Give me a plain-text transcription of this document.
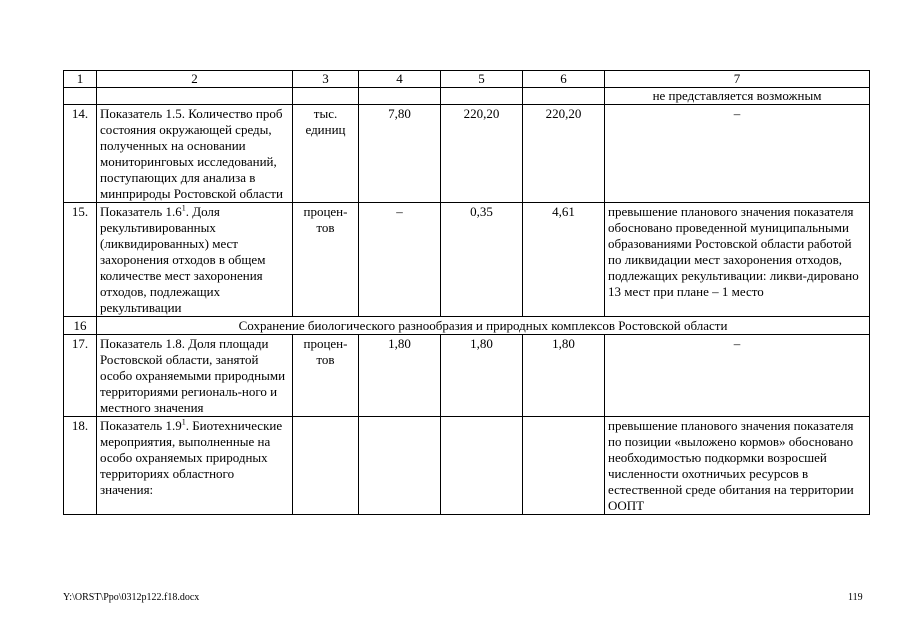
1	2	3	4	5	6	7
						не представляется возможным
14.	Показатель 1.5. Количество проб состояния окружающей среды, полученных на основании мониторинговых исследований, поступающих для анализа в минприроды Ростовской области	тыс. единиц	7,80	220,20	220,20	–
15.	Показатель $1.6^1$. Доля рекультивированных (ликвидированных) мест захоронения отходов в общем количестве мест захоронения отходов, подлежащих рекультивации	процен-тов	–	0,35	4,61	превышение планового значения показателя обосновано проведенной муниципальными образованиями Ростовской области работой по ликвидации мест захоронения отходов, подлежащих рекультивации: ликви-дировано 13 мест при плане – 1 место
16	Сохранение биологического разнообразия и природных комплексов Ростовской области					
17.	Показатель 1.8. Доля площади Ростовской области, занятой особо охраняемыми природными территориями региональ-ного и местного значения	процен-тов	1,80	1,80	1,80	–
18.	Показатель $1.9^1$. Биотехнические мероприятия, выполненные на особо охраняемых природных территориях областного значения:					превышение планового значения показателя по позиции «выложено кормов» обосновано необходимостью подкормки возросшей численности охотничьих ресурсов в естественной среде обитания на территории ООПТ
Y:\ORST\Ppo\0312p122.f18.docx	119
